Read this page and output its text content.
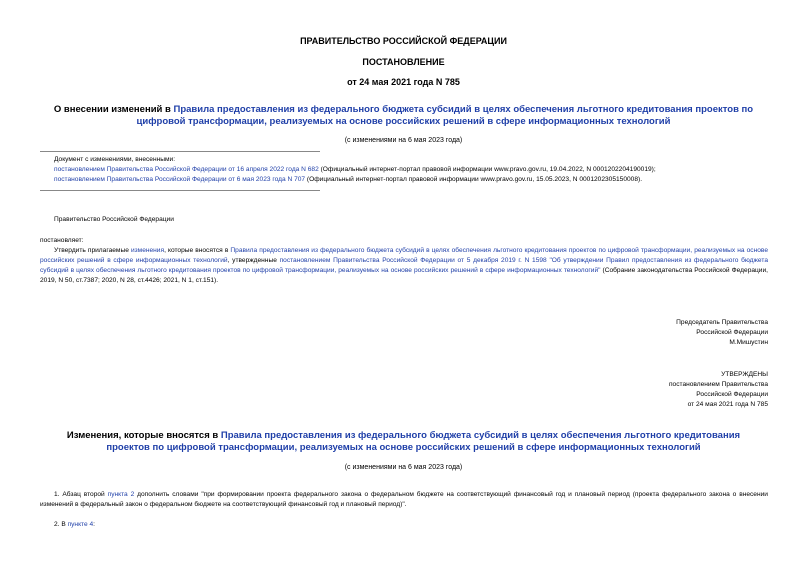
ПРАВИТЕЛЬСТВО РОССИЙСКОЙ ФЕДЕРАЦИИ
ПОСТАНОВЛЕНИЕ
от 24 мая 2021 года N 785
О внесении изменений в Правила предоставления из федерального бюджета субсидий в целях обеспечения льготного кредитования проектов по цифровой трансформации, реализуемых на основе российских решений в сфере информационных технологий
(с изменениями на 6 мая 2023 года)
Документ с изменениями, внесенными:
постановлением Правительства Российской Федерации от 16 апреля 2022 года N 682 (Официальный интернет-портал правовой информации www.pravo.gov.ru, 19.04.2022, N 0001202204190019);
постановлением Правительства Российской Федерации от 6 мая 2023 года N 707 (Официальный интернет-портал правовой информации www.pravo.gov.ru, 15.05.2023, N 0001202305150008).
Правительство Российской Федерации
постановляет:
Утвердить прилагаемые изменения, которые вносятся в Правила предоставления из федерального бюджета субсидий в целях обеспечения льготного кредитования проектов по цифровой трансформации, реализуемых на основе российских решений в сфере информационных технологий, утвержденные постановлением Правительства Российской Федерации от 5 декабря 2019 г. N 1598 "Об утверждении Правил предоставления из федерального бюджета субсидий в целях обеспечения льготного кредитования проектов по цифровой трансформации, реализуемых на основе российских решений в сфере информационных технологий" (Собрание законодательства Российской Федерации, 2019, N 50, ст.7387; 2020, N 28, ст.4426; 2021, N 1, ст.151).
Председатель Правительства
Российской Федерации
М.Мишустин
УТВЕРЖДЕНЫ
постановлением Правительства
Российской Федерации
от 24 мая 2021 года N 785
Изменения, которые вносятся в Правила предоставления из федерального бюджета субсидий в целях обеспечения льготного кредитования проектов по цифровой трансформации, реализуемых на основе российских решений в сфере информационных технологий
(с изменениями на 6 мая 2023 года)
1. Абзац второй пункта 2 дополнить словами "при формировании проекта федерального закона о федеральном бюджете на соответствующий финансовый год и плановый период (проекта федерального закона о внесении изменений в федеральный закон о федеральном бюджете на соответствующий финансовый год и плановый период)".
2. В пункте 4:
